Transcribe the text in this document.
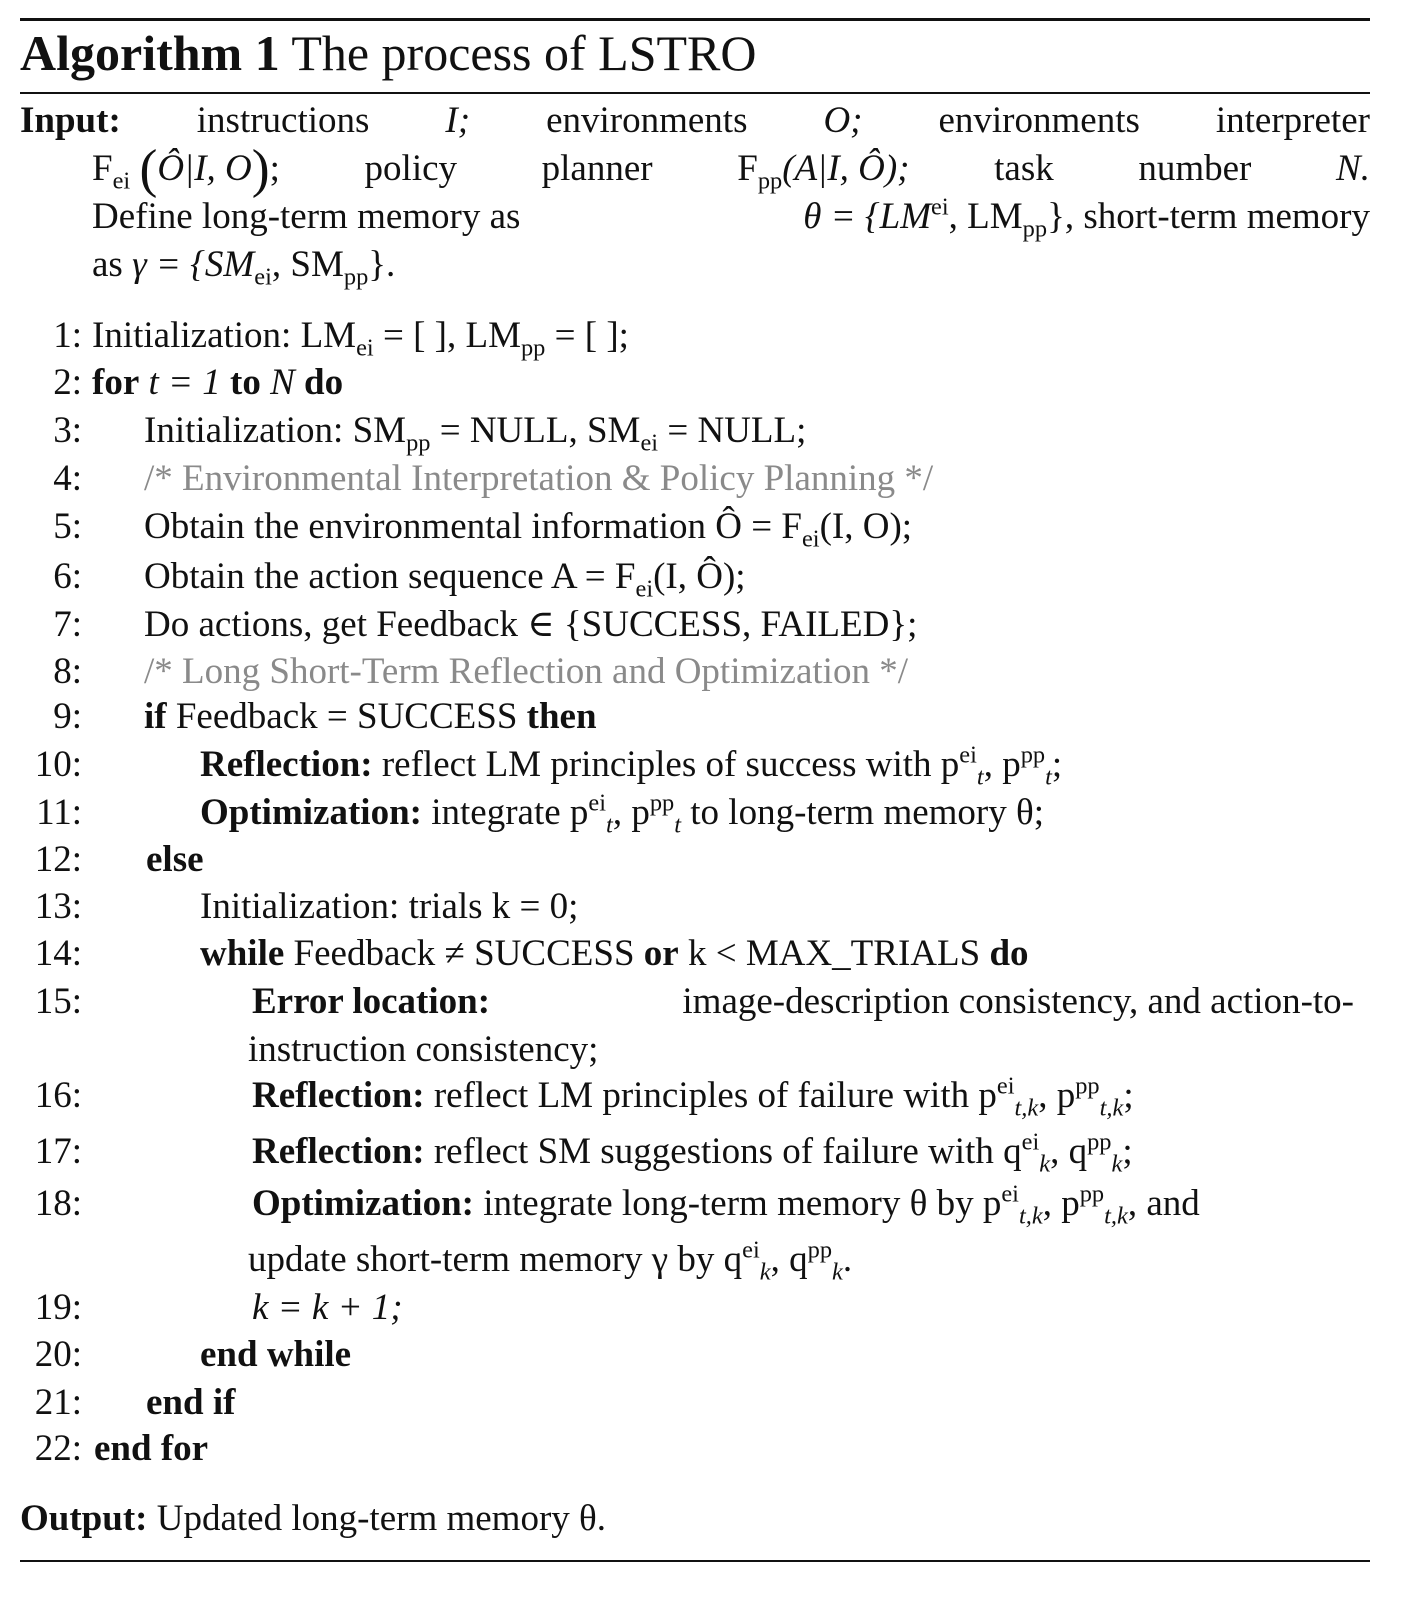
Algorithm 1 The process of LSTRO
Input: instructions I; environments O; environments interpreter
$F_{ei}$ (Ô|I, O); policy planner $F_{pp}(A|I$, Ô); task number N.
Define long-term memory as	$\theta = \{LM^{ei}$, $LM_{pp}$}, short-term memory
as $\gamma = \{SM_{ei}$, $SM_{pp}$}.
1: Initialization: $LM_{ei}$ = [ ], $LM_{pp}$ = [ ];
2: for t = 1 to N do
3: Initialization: $SM_{pp}$ = NULL, $SM_{ei}$ = NULL;
4: /* Environmental Interpretation & Policy Planning */
5: Obtain the environmental information Ô = $F_{ei}(I$, O);
6: Obtain the action sequence $A = F_{ei}(I$, Ô);
7: Do actions, get Feedback ∈ {SUCCESS, FAILED};
8: /* Long Short-Term Reflection and Optimization */
9: if Feedback = SUCCESS then
10:	Reflection: reflect LM principles of success with $p^{ei}_t$, $p^{pp}_t$;
11:	Optimization: integrate $p^{ei}_t$, $p^{pp}_t$ to long-term memory θ;
12: else
13:	Initialization: trials k = 0;
14:	while Feedback ≠ SUCCESS or k < MAX_TRIALS do
15:	Error location:	image-description consistency, and action-to-
instruction consistency;
16:	Reflection: reflect LM principles of failure with $p^{ei}_{t,k}$, $p^{pp}_{t,k}$;
17:	Reflection: reflect SM suggestions of failure with $q^{ei}_k$, $q^{pp}_k$;
18:	Optimization: integrate long-term memory θ by $p^{ei}_{t,k}$, $p^{pp}_{t,k}$, and
update short-term memory γ by $q^{ei}_k$, $q^{pp}_k$.
19:	k = k + 1;
20:	end while
21: end if
22: end for
Output: Updated long-term memory θ.
